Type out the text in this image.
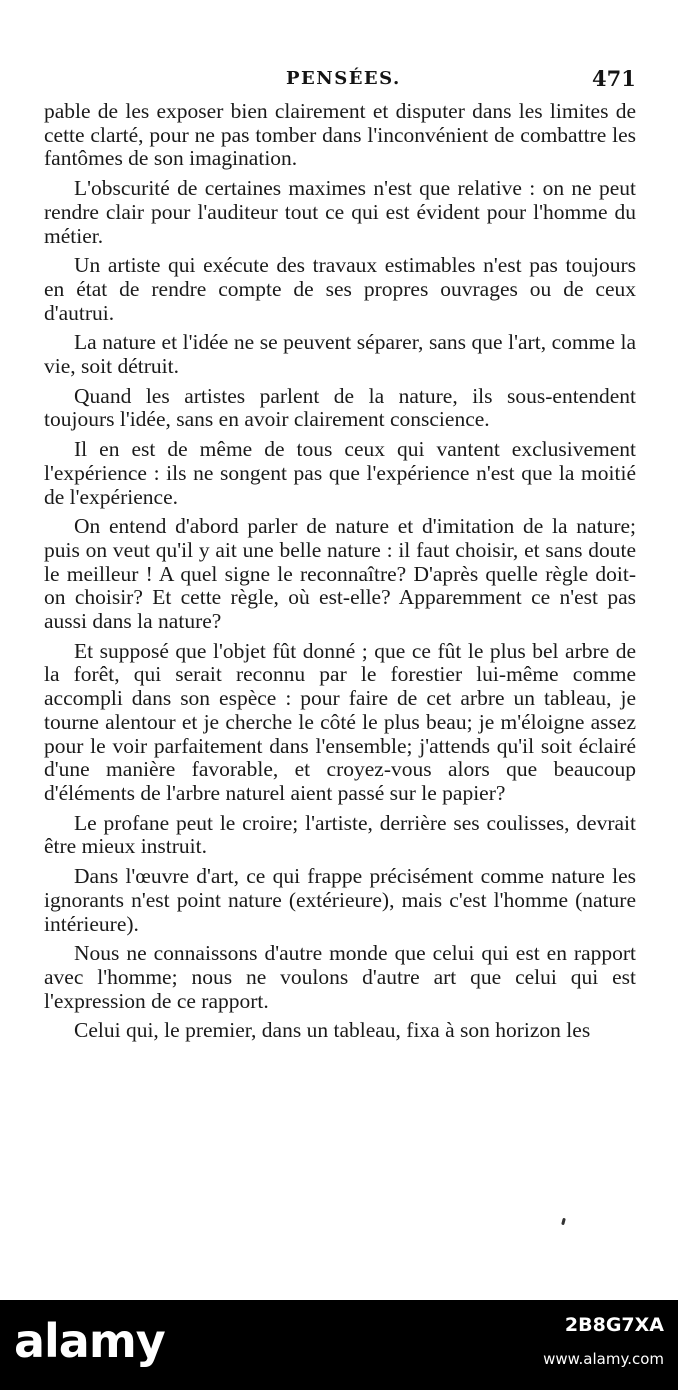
PENSÉES.	471

pable de les exposer bien clairement et disputer dans les limites de cette clarté, pour ne pas tomber dans l'inconvénient de combattre les fantômes de son imagination.

L'obscurité de certaines maximes n'est que relative : on ne peut rendre clair pour l'auditeur tout ce qui est évident pour l'homme du métier.

Un artiste qui exécute des travaux estimables n'est pas toujours en état de rendre compte de ses propres ouvrages ou de ceux d'autrui.

La nature et l'idée ne se peuvent séparer, sans que l'art, comme la vie, soit détruit.

Quand les artistes parlent de la nature, ils sous-entendent toujours l'idée, sans en avoir clairement conscience.

Il en est de même de tous ceux qui vantent exclusivement l'expérience : ils ne songent pas que l'expérience n'est que la moitié de l'expérience.

On entend d'abord parler de nature et d'imitation de la nature; puis on veut qu'il y ait une belle nature : il faut choisir, et sans doute le meilleur ! A quel signe le reconnaître? D'après quelle règle doit-on choisir? Et cette règle, où est-elle? Apparemment ce n'est pas aussi dans la nature?

Et supposé que l'objet fût donné ; que ce fût le plus bel arbre de la forêt, qui serait reconnu par le forestier lui-même comme accompli dans son espèce : pour faire de cet arbre un tableau, je tourne alentour et je cherche le côté le plus beau; je m'éloigne assez pour le voir parfaitement dans l'ensemble; j'attends qu'il soit éclairé d'une manière favorable, et croyez-vous alors que beaucoup d'éléments de l'arbre naturel aient passé sur le papier?

Le profane peut le croire; l'artiste, derrière ses coulisses, devrait être mieux instruit.

Dans l'œuvre d'art, ce qui frappe précisément comme nature les ignorants n'est point nature (extérieure), mais c'est l'homme (nature intérieure).

Nous ne connaissons d'autre monde que celui qui est en rapport avec l'homme; nous ne voulons d'autre art que celui qui est l'expression de ce rapport.

Celui qui, le premier, dans un tableau, fixa à son horizon les

alamy	2B8G7XA
www.alamy.com
